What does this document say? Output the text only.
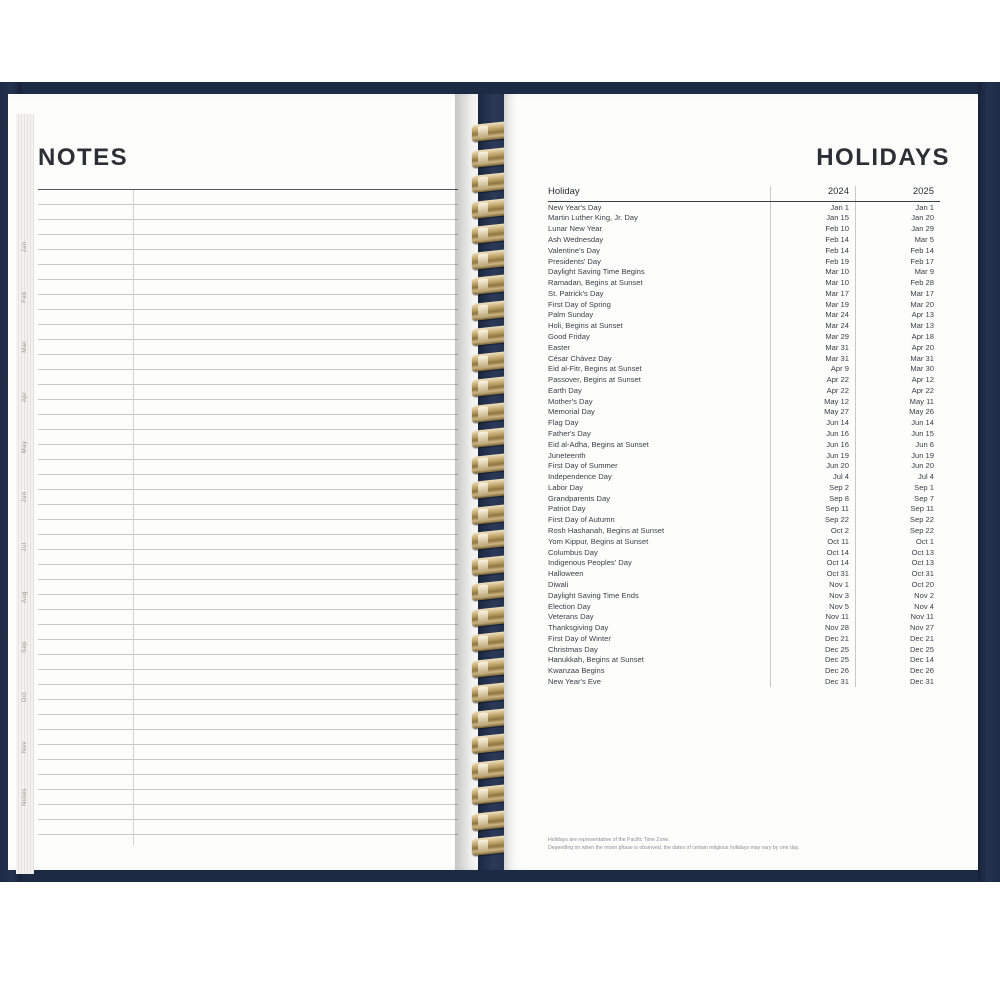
Jan
Feb
Mar
Apr
May
Jun
Jul
Aug
Sep
Oct
Nov
Notes
NOTES	HOLIDAYS
Holiday	2024	2025
New Year's Day	Jan 1	Jan 1
Martin Luther King, Jr. Day	Jan 15	Jan 20
Lunar New Year	Feb 10	Jan 29
Ash Wednesday	Feb 14	Mar 5
Valentine's Day	Feb 14	Feb 14
Presidents' Day	Feb 19	Feb 17
Daylight Saving Time Begins	Mar 10	Mar 9
Ramadan, Begins at Sunset	Mar 10	Feb 28
St. Patrick's Day	Mar 17	Mar 17
First Day of Spring	Mar 19	Mar 20
Palm Sunday	Mar 24	Apr 13
Holi, Begins at Sunset	Mar 24	Mar 13
Good Friday	Mar 29	Apr 18
Easter	Mar 31	Apr 20
César Chávez Day	Mar 31	Mar 31
Eid al-Fitr, Begins at Sunset	Apr 9	Mar 30
Passover, Begins at Sunset	Apr 22	Apr 12
Earth Day	Apr 22	Apr 22
Mother's Day	May 12	May 11
Memorial Day	May 27	May 26
Flag Day	Jun 14	Jun 14
Father's Day	Jun 16	Jun 15
Eid al-Adha, Begins at Sunset	Jun 16	Jun 6
Juneteenth	Jun 19	Jun 19
First Day of Summer	Jun 20	Jun 20
Independence Day	Jul 4	Jul 4
Labor Day	Sep 2	Sep 1
Grandparents Day	Sep 8	Sep 7
Patriot Day	Sep 11	Sep 11
First Day of Autumn	Sep 22	Sep 22
Rosh Hashanah, Begins at Sunset	Oct 2	Sep 22
Yom Kippur, Begins at Sunset	Oct 11	Oct 1
Columbus Day	Oct 14	Oct 13
Indigenous Peoples' Day	Oct 14	Oct 13
Halloween	Oct 31	Oct 31
Diwali	Nov 1	Oct 20
Daylight Saving Time Ends	Nov 3	Nov 2
Election Day	Nov 5	Nov 4
Veterans Day	Nov 11	Nov 11
Thanksgiving Day	Nov 28	Nov 27
First Day of Winter	Dec 21	Dec 21
Christmas Day	Dec 25	Dec 25
Hanukkah, Begins at Sunset	Dec 25	Dec 14
Kwanzaa Begins	Dec 26	Dec 26
New Year's Eve	Dec 31	Dec 31
Holidays are representative of the Pacific Time Zone.
Depending on when the moon phase is observed, the dates of certain religious holidays may vary by one day.
